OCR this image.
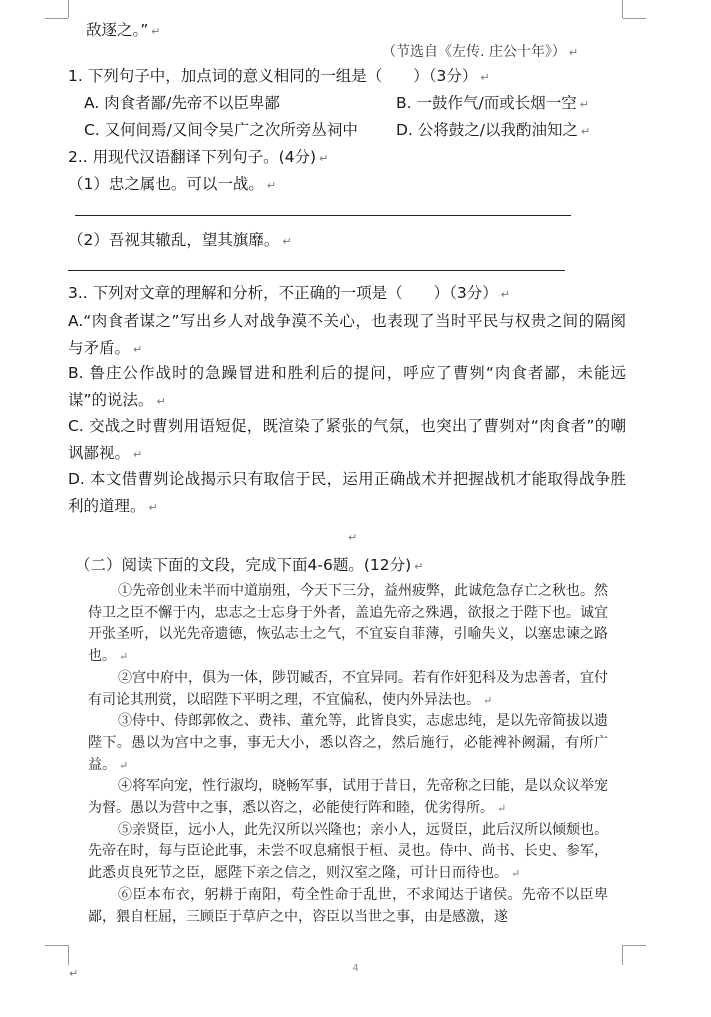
敌逐之。” ↵
（节选自《左传. 庄公十年》） ↵
1. 下列句子中，加点词的意义相同的一组是（　　）（3分） ↵
A. 肉食者鄙/先帝不以臣卑鄙	B. 一鼓作气/而或长烟一空 ↵
C. 又何间焉/又间令吴广之次所旁丛祠中 D. 公将鼓之/以我酌油知之 ↵
2.. 用现代汉语翻译下列句子。(4分) ↵
（1）忠之属也。可以一战。 ↵
（2）吾视其辙乱，望其旗靡。 ↵
3.. 下列对文章的理解和分析，不正确的一项是（　　）（3分） ↵
A.“肉食者谋之”写出乡人对战争漠不关心，也表现了当时平民与权贵之间的隔阂与矛盾。 ↵
B. 鲁庄公作战时的急躁冒进和胜利后的提问，呼应了曹刿“肉食者鄙，未能远谋”的说法。 ↵
C. 交战之时曹刿用语短促，既渲染了紧张的气氛，也突出了曹刿对“肉食者”的嘲讽鄙视。 ↵
D. 本文借曹刿论战揭示只有取信于民，运用正确战术并把握战机才能取得战争胜利的道理。 ↵
↵
（二）阅读下面的文段，完成下面4-6题。(12分) ↵

①先帝创业未半而中道崩殂，今天下三分，益州疲弊，此诚危急存亡之秋也。然侍卫之臣不懈于内，忠志之士忘身于外者，盖追先帝之殊遇，欲报之于陛下也。诚宜开张圣听，以光先帝遗德，恢弘志士之气，不宜妄自菲薄，引喻失义，以塞忠谏之路也。 ↵

②宫中府中，俱为一体，陟罚臧否，不宜异同。若有作奸犯科及为忠善者，宜付有司论其刑赏，以昭陛下平明之理，不宜偏私，使内外异法也。 ↵

③侍中、侍郎郭攸之、费祎、董允等，此皆良实，志虑忠纯，是以先帝简拔以遗陛下。愚以为宫中之事，事无大小，悉以咨之，然后施行，必能裨补阙漏，有所广益。 ↵

④将军向宠，性行淑均，晓畅军事，试用于昔日，先帝称之曰能，是以众议举宠为督。愚以为营中之事，悉以咨之，必能使行阵和睦，优劣得所。 ↵

⑤亲贤臣，远小人，此先汉所以兴隆也；亲小人，远贤臣，此后汉所以倾颓也。先帝在时，每与臣论此事，未尝不叹息痛恨于桓、灵也。侍中、尚书、长史、参军，此悉贞良死节之臣，愿陛下亲之信之，则汉室之隆，可计日而待也。 ↵

⑥臣本布衣，躬耕于南阳，苟全性命于乱世，不求闻达于诸侯。先帝不以臣卑鄙，猥自枉屈，三顾臣于草庐之中，咨臣以当世之事，由是感激，遂

↵	4
